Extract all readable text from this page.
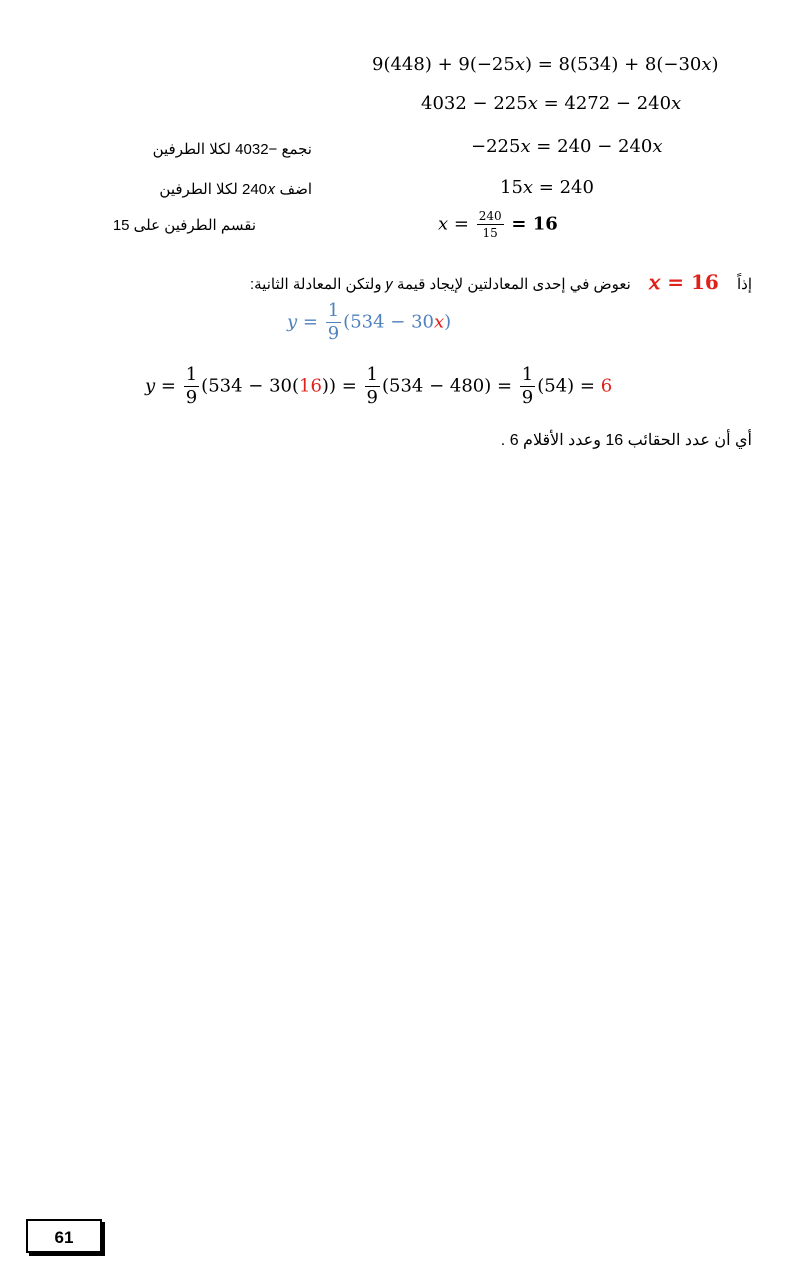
9(448) + 9(−25𝑥) = 8(534) + 8(−30𝑥)
4032 − 225𝑥 = 4272 − 240𝑥
−225𝑥 = 240 − 240𝑥
نجمع −4032 لكلا الطرفين
15𝑥 = 240
اضف 240𝑥 لكلا الطرفين
𝑥 = $\frac{240}{15} = 16$
نقسم الطرفين على 15
إذاً 𝑥 = 16 نعوض في إحدى المعادلتين لإيجاد قيمة 𝑦 ولتكن المعادلة الثانية:
𝑦 = $\frac{1}{9} (534$ − 30𝑥)
𝑦 = $\frac{1}{9} (534 - 30(16)) = \frac{1}{9} (534 - 480) = \frac{1}{9} (54) = 6$
أي أن عدد الحقائب 16 وعدد الأقلام 6 .
61
